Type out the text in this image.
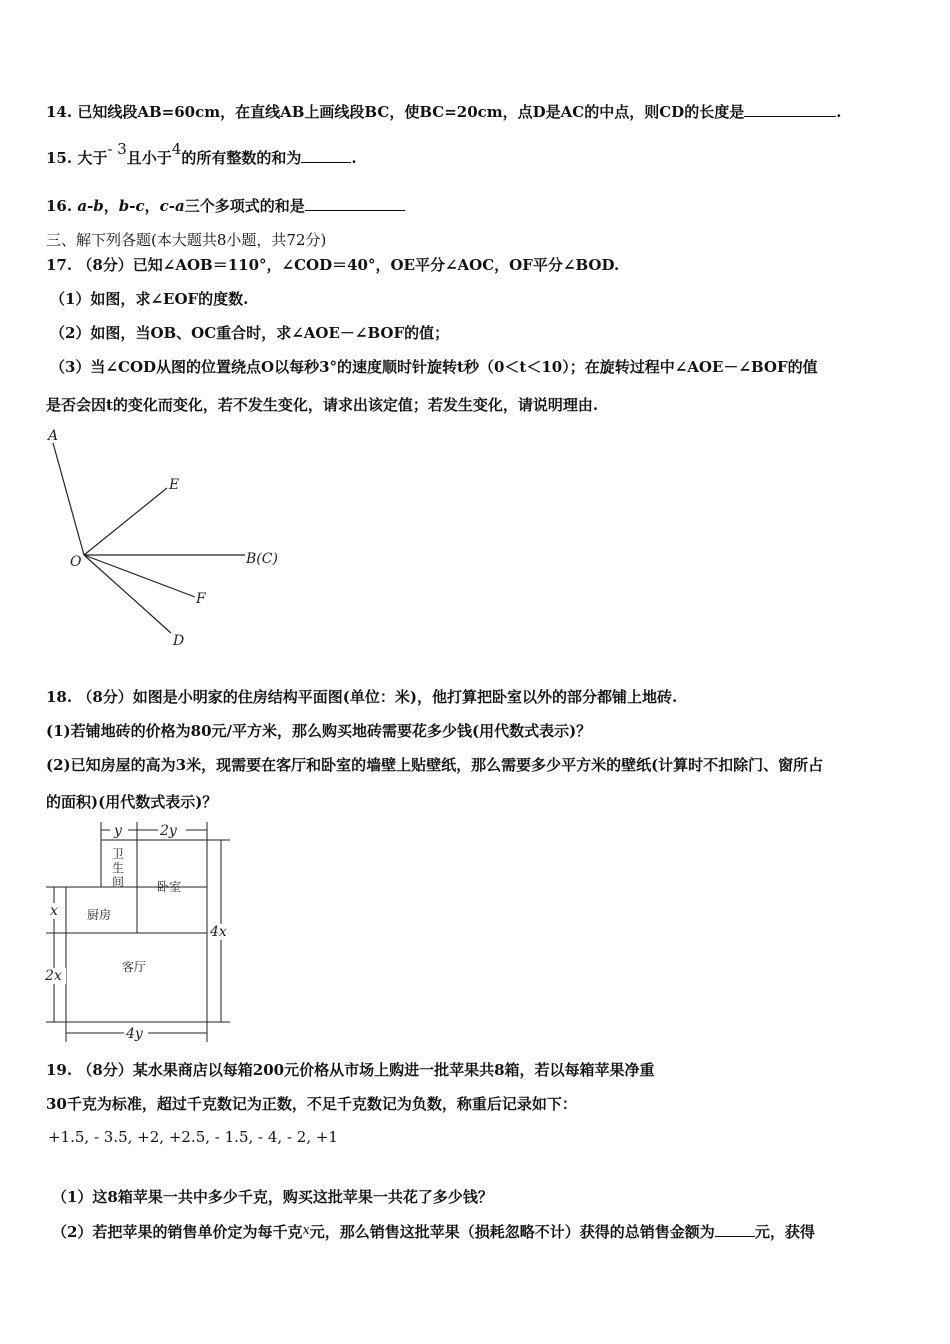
14. 已知线段AB=60cm，在直线AB上画线段BC，使BC=20cm，点D是AC的中点，则CD的长度是	.
15. 大于- 3且小于4的所有整数的和为	.
16. a-b，b-c，c-a三个多项式的和是
三、解下列各题(本大题共8小题，共72分)
17. （8分）已知∠AOB＝110°，∠COD＝40°，OE平分∠AOC，OF平分∠BOD.
（1）如图，求∠EOF的度数.
（2）如图，当OB、OC重合时，求∠AOE－∠BOF的值；
（3）当∠COD从图的位置绕点O以每秒3°的速度顺时针旋转t秒（0＜t＜10）；在旋转过程中∠AOE－∠BOF的值
是否会因t的变化而变化，若不发生变化，请求出该定值；若发生变化，请说明理由.
A
E
O	B(C)
F
D
18. （8分）如图是小明家的住房结构平面图(单位：米)，他打算把卧室以外的部分都铺上地砖.
(1)若铺地砖的价格为80元/平方米，那么购买地砖需要花多少钱(用代数式表示)？
(2)已知房屋的高为3米，现需要在客厅和卧室的墙壁上贴壁纸，那么需要多少平方米的壁纸(计算时不扣除门、窗所占
的面积)(用代数式表示)？
y	2y
卫
生
间	卧室
x 厨房
4x
客厅
2x
4y
19. （8分）某水果商店以每箱200元价格从市场上购进一批苹果共8箱，若以每箱苹果净重
30千克为标准，超过千克数记为正数，不足千克数记为负数，称重后记录如下：
+1.5, - 3.5, +2, +2.5, - 1.5, - 4, - 2, +1
（1）这8箱苹果一共中多少千克，购买这批苹果一共花了多少钱？
（2）若把苹果的销售单价定为每千克x元，那么销售这批苹果（损耗忽略不计）获得的总销售金额为	元，获得
